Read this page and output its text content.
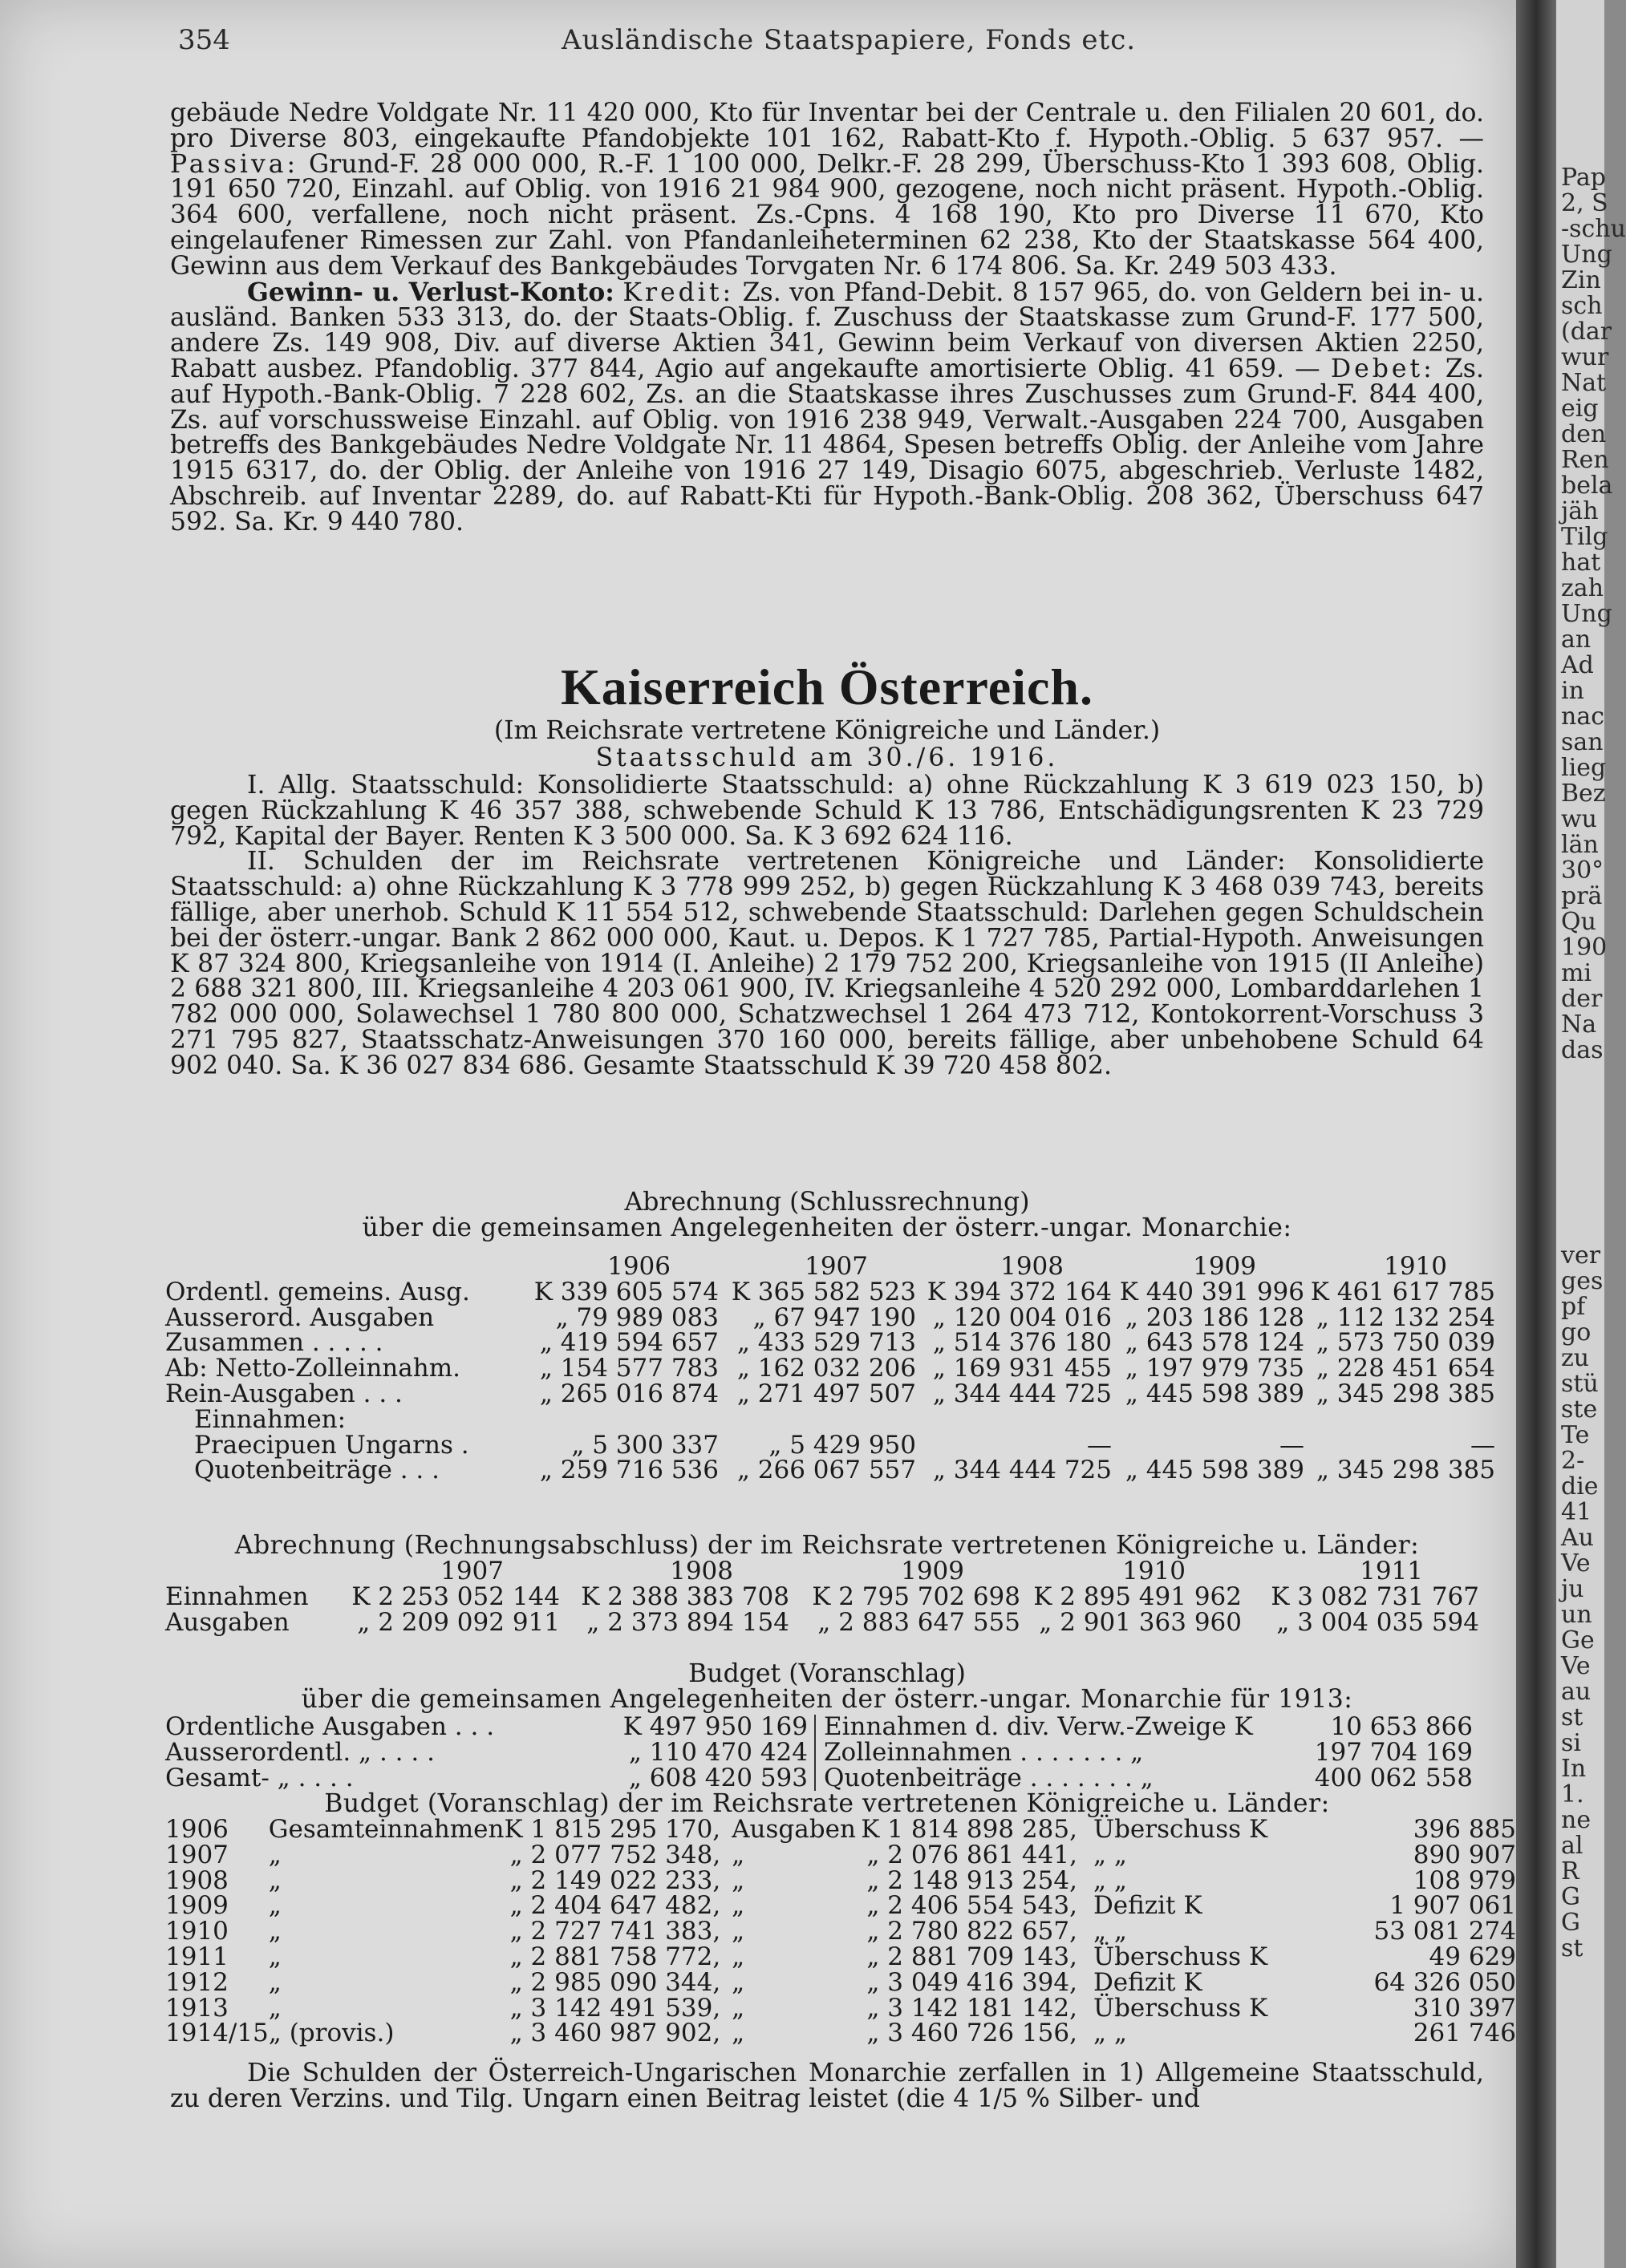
354	Ausländische Staatspapiere, Fonds etc.

gebäude Nedre Voldgate Nr. 11 420 000, Kto für Inventar bei der Centrale u. den Filialen 20 601, do. pro Diverse 803, eingekaufte Pfandobjekte 101 162, Rabatt-Kto f. Hypoth.-Oblig. 5 637 957. — Passiva: Grund-F. 28 000 000, R.-F. 1 100 000, Delkr.-F. 28 299, Überschuss-Kto 1 393 608, Oblig. 191 650 720, Einzahl. auf Oblig. von 1916 21 984 900, gezogene, noch nicht präsent. Hypoth.-Oblig. 364 600, verfallene, noch nicht präsent. Zs.-Cpns. 4 168 190, Kto pro Diverse 11 670, Kto eingelaufener Rimessen zur Zahl. von Pfandanleiheterminen 62 238, Kto der Staatskasse 564 400, Gewinn aus dem Verkauf des Bankgebäudes Torvgaten Nr. 6 174 806. Sa. Kr. 249 503 433.

Gewinn- u. Verlust-Konto: Kredit: Zs. von Pfand-Debit. 8 157 965, do. von Geldern bei in- u. ausländ. Banken 533 313, do. der Staats-Oblig. f. Zuschuss der Staatskasse zum Grund-F. 177 500, andere Zs. 149 908, Div. auf diverse Aktien 341, Gewinn beim Verkauf von diversen Aktien 2250, Rabatt ausbez. Pfandoblig. 377 844, Agio auf angekaufte amortisierte Oblig. 41 659. — Debet: Zs. auf Hypoth.-Bank-Oblig. 7 228 602, Zs. an die Staatskasse ihres Zuschusses zum Grund-F. 844 400, Zs. auf vorschussweise Einzahl. auf Oblig. von 1916 238 949, Verwalt.-Ausgaben 224 700, Ausgaben betreffs des Bankgebäudes Nedre Voldgate Nr. 11 4864, Spesen betreffs Oblig. der Anleihe vom Jahre 1915 6317, do. der Oblig. der Anleihe von 1916 27 149, Disagio 6075, abgeschrieb. Verluste 1482, Abschreib. auf Inventar 2289, do. auf Rabatt-Kti für Hypoth.-Bank-Oblig. 208 362, Überschuss 647 592. Sa. Kr. 9 440 780.

Kaiserreich Österreich.
(Im Reichsrate vertretene Königreiche und Länder.)
Staatsschuld am 30./6. 1916.

I. Allg. Staatsschuld: Konsolidierte Staatsschuld: a) ohne Rückzahlung K 3 619 023 150, b) gegen Rückzahlung K 46 357 388, schwebende Schuld K 13 786, Entschädigungsrenten K 23 729 792, Kapital der Bayer. Renten K 3 500 000. Sa. K 3 692 624 116.

II. Schulden der im Reichsrate vertretenen Königreiche und Länder: Konsolidierte Staatsschuld: a) ohne Rückzahlung K 3 778 999 252, b) gegen Rückzahlung K 3 468 039 743, bereits fällige, aber unerhob. Schuld K 11 554 512, schwebende Staatsschuld: Darlehen gegen Schuldschein bei der österr.-ungar. Bank 2 862 000 000, Kaut. u. Depos. K 1 727 785, Partial-Hypoth. Anweisungen K 87 324 800, Kriegsanleihe von 1914 (I. Anleihe) 2 179 752 200, Kriegsanleihe von 1915 (II Anleihe) 2 688 321 800, III. Kriegsanleihe 4 203 061 900, IV. Kriegsanleihe 4 520 292 000, Lombarddarlehen 1 782 000 000, Solawechsel 1 780 800 000, Schatzwechsel 1 264 473 712, Kontokorrent-Vorschuss 3 271 795 827, Staatsschatz-Anweisungen 370 160 000, bereits fällige, aber unbehobene Schuld 64 902 040. Sa. K 36 027 834 686. Gesamte Staatsschuld K 39 720 458 802.

Abrechnung (Schlussrechnung)
über die gemeinsamen Angelegenheiten der österr.-ungar. Monarchie:
	1906	1907	1908	1909	1910
Ordentl. gemeins. Ausg.	K 339 605 574	K 365 582 523	K 394 372 164	K 440 391 996	K 461 617 785
Ausserord. Ausgaben	„ 79 989 083	„ 67 947 190	„ 120 004 016	„ 203 186 128	„ 112 132 254
Zusammen . . . . .	„ 419 594 657	„ 433 529 713	„ 514 376 180	„ 643 578 124	„ 573 750 039
Ab: Netto-Zolleinnahm.	„ 154 577 783	„ 162 032 206	„ 169 931 455	„ 197 979 735	„ 228 451 654
Rein-Ausgaben . . .	„ 265 016 874	„ 271 497 507	„ 344 444 725	„ 445 598 389	„ 345 298 385
Einnahmen:					
Praecipuen Ungarns .	„ 5 300 337	„ 5 429 950	—	—	—
Quotenbeiträge . . .	„ 259 716 536	„ 266 067 557	„ 344 444 725	„ 445 598 389	„ 345 298 385
Abrechnung (Rechnungsabschluss) der im Reichsrate vertretenen Königreiche u. Länder:
	1907	1908	1909	1910	1911
Einnahmen	K 2 253 052 144	K 2 388 383 708	K 2 795 702 698	K 2 895 491 962	K 3 082 731 767
Ausgaben	„ 2 209 092 911	„ 2 373 894 154	„ 2 883 647 555	„ 2 901 363 960	„ 3 004 035 594
Budget (Voranschlag)
über die gemeinsamen Angelegenheiten der österr.-ungar. Monarchie für 1913:
Ordentliche Ausgaben . . .	K 497 950 169	Einnahmen d. div. Verw.-Zweige K	10 653 866
Ausserordentl. „ . . . .	„ 110 470 424	Zolleinnahmen . . . . . . . „	197 704 169
Gesamt- „ . . . .	„ 608 420 593	Quotenbeiträge . . . . . . . „	400 062 558
Budget (Voranschlag) der im Reichsrate vertretenen Königreiche u. Länder:
1906	Gesamteinnahmen	K 1 815 295 170,	Ausgaben	K 1 814 898 285,	Überschuss K	396 885
1907	„	„ 2 077 752 348,	„	„ 2 076 861 441,	„ „	890 907
1908	„	„ 2 149 022 233,	„	„ 2 148 913 254,	„ „	108 979
1909	„	„ 2 404 647 482,	„	„ 2 406 554 543,	Defizit K	1 907 061
1910	„	„ 2 727 741 383,	„	„ 2 780 822 657,	„ „	53 081 274
1911	„	„ 2 881 758 772,	„	„ 2 881 709 143,	Überschuss K	49 629
1912	„	„ 2 985 090 344,	„	„ 3 049 416 394,	Defizit K	64 326 050
1913	„	„ 3 142 491 539,	„	„ 3 142 181 142,	Überschuss K	310 397
1914/15	„ (provis.)	„ 3 460 987 902,	„	„ 3 460 726 156,	„ „	261 746

Die Schulden der Österreich-Ungarischen Monarchie zerfallen in 1) Allgemeine Staatsschuld, zu deren Verzins. und Tilg. Ungarn einen Beitrag leistet (die 4 1/5 % Silber- und

Pap
2, S
-schu
Ung
Zin
sch
(dar
wur
Nat
eig
den
Ren
bela
jäh
Tilg
hat
zah
Ung
an
Ad
in
nac
san
lieg
Bez
wu
län
30°
prä
Qu
190
mi
der
Na
das
ver
ges
pf
go
zu
stü
ste
Te
2-
die
41
Au
Ve
ju
un
Ge
Ve
au
st
si
In
1.
ne
al
R
G
G
st
